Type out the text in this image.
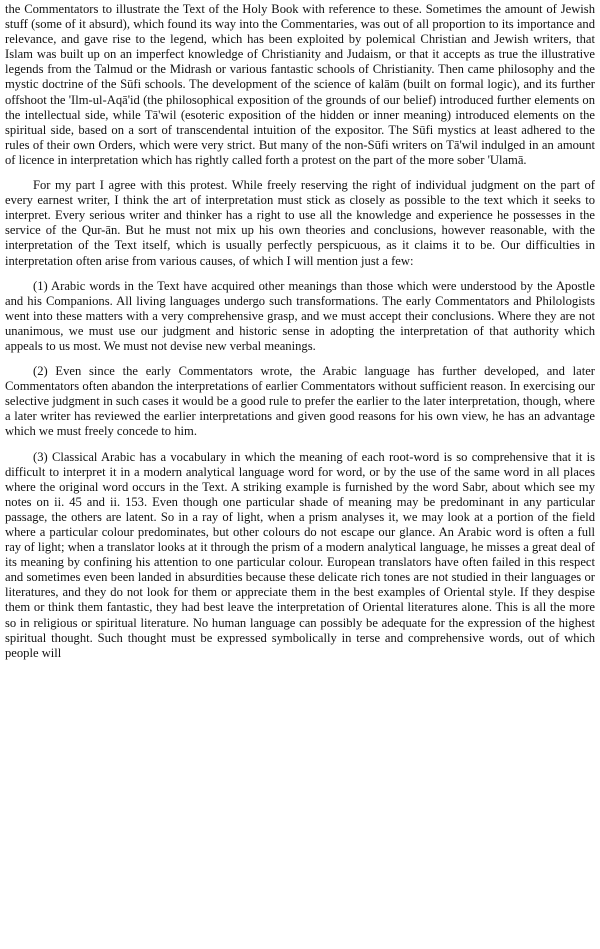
the Commentators to illustrate the Text of the Holy Book with reference to these. Sometimes the amount of Jewish stuff (some of it absurd), which found its way into the Commentaries, was out of all proportion to its importance and relevance, and gave rise to the legend, which has been exploited by polemical Christian and Jewish writers, that Islam was built up on an imperfect knowledge of Christianity and Judaism, or that it accepts as true the illustrative legends from the Talmud or the Midrash or various fantastic schools of Christianity. Then came philosophy and the mystic doctrine of the Sūfi schools. The development of the science of kalām (built on formal logic), and its further offshoot the 'Ilm-ul-Aqā'id (the philosophical exposition of the grounds of our belief) introduced further elements on the intellectual side, while Tā'wil (esoteric exposition of the hidden or inner meaning) introduced elements on the spiritual side, based on a sort of transcendental intuition of the expositor. The Sūfi mystics at least adhered to the rules of their own Orders, which were very strict. But many of the non-Sūfi writers on Tā'wil indulged in an amount of licence in interpretation which has rightly called forth a protest on the part of the more sober 'Ulamā.

For my part I agree with this protest. While freely reserving the right of individual judgment on the part of every earnest writer, I think the art of interpretation must stick as closely as possible to the text which it seeks to interpret. Every serious writer and thinker has a right to use all the knowledge and experience he possesses in the service of the Qur-ān. But he must not mix up his own theories and conclusions, however reasonable, with the interpretation of the Text itself, which is usually perfectly perspicuous, as it claims it to be. Our difficulties in interpretation often arise from various causes, of which I will mention just a few:

(1) Arabic words in the Text have acquired other meanings than those which were understood by the Apostle and his Companions. All living languages undergo such transformations. The early Commentators and Philologists went into these matters with a very comprehensive grasp, and we must accept their conclusions. Where they are not unanimous, we must use our judgment and historic sense in adopting the interpretation of that authority which appeals to us most. We must not devise new verbal meanings.

(2) Even since the early Commentators wrote, the Arabic language has further developed, and later Commentators often abandon the interpretations of earlier Commentators without sufficient reason. In exercising our selective judgment in such cases it would be a good rule to prefer the earlier to the later interpretation, though, where a later writer has reviewed the earlier interpretations and given good reasons for his own view, he has an advantage which we must freely concede to him.

(3) Classical Arabic has a vocabulary in which the meaning of each root-word is so comprehensive that it is difficult to interpret it in a modern analytical language word for word, or by the use of the same word in all places where the original word occurs in the Text. A striking example is furnished by the word Sabr, about which see my notes on ii. 45 and ii. 153. Even though one particular shade of meaning may be predominant in any particular passage, the others are latent. So in a ray of light, when a prism analyses it, we may look at a portion of the field where a particular colour predominates, but other colours do not escape our glance. An Arabic word is often a full ray of light; when a translator looks at it through the prism of a modern analytical language, he misses a great deal of its meaning by confining his attention to one particular colour. European translators have often failed in this respect and sometimes even been landed in absurdities because these delicate rich tones are not studied in their languages or literatures, and they do not look for them or appreciate them in the best examples of Oriental style. If they despise them or think them fantastic, they had best leave the interpretation of Oriental literatures alone. This is all the more so in religious or spiritual literature. No human language can possibly be adequate for the expression of the highest spiritual thought. Such thought must be expressed symbolically in terse and comprehensive words, out of which people will
